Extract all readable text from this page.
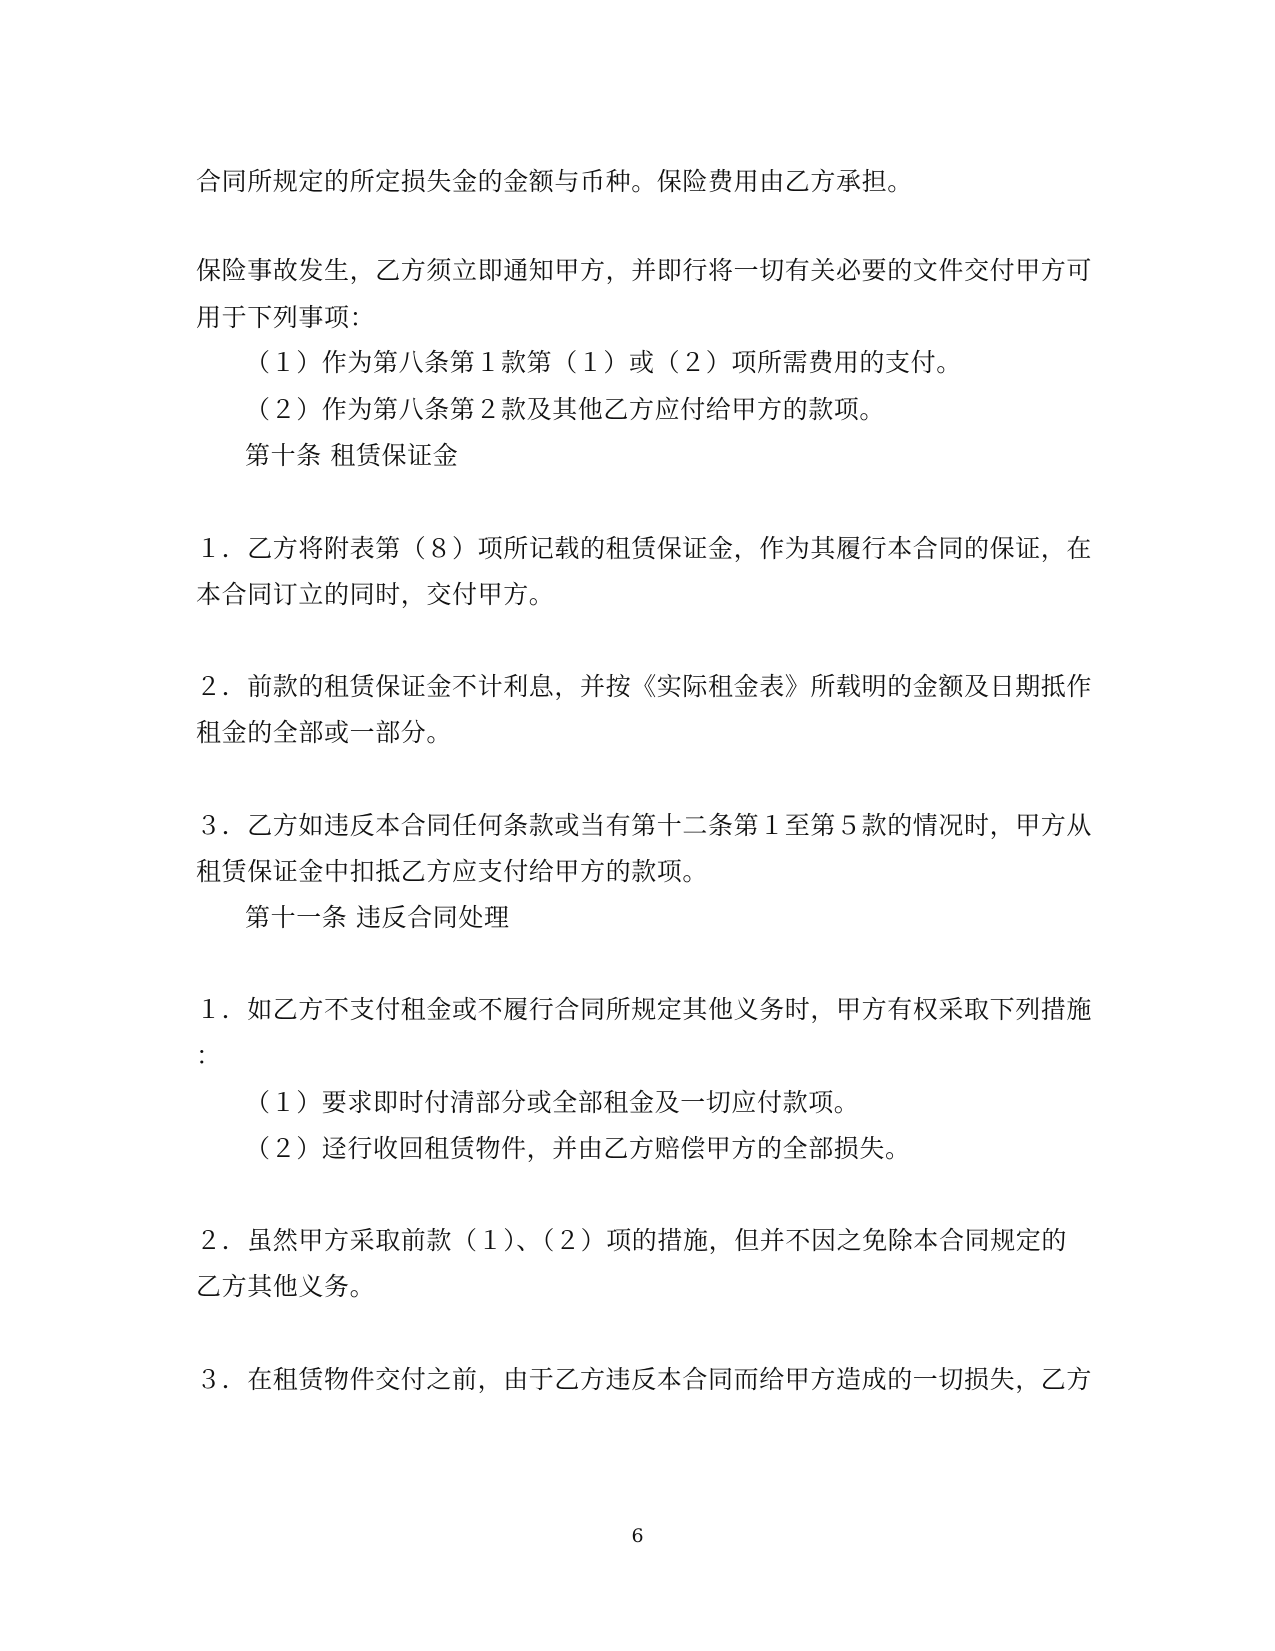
合同所规定的所定损失金的金额与币种。保险费用由乙方承担。
保险事故发生，乙方须立即通知甲方，并即行将一切有关必要的文件交付甲方可
用于下列事项：
（１）作为第八条第１款第（１）或（２）项所需费用的支付。
（２）作为第八条第２款及其他乙方应付给甲方的款项。
第十条 租赁保证金
１．乙方将附表第（８）项所记载的租赁保证金，作为其履行本合同的保证，在
本合同订立的同时，交付甲方。
２．前款的租赁保证金不计利息，并按《实际租金表》所载明的金额及日期抵作
租金的全部或一部分。
３．乙方如违反本合同任何条款或当有第十二条第１至第５款的情况时，甲方从
租赁保证金中扣抵乙方应支付给甲方的款项。
第十一条 违反合同处理
１．如乙方不支付租金或不履行合同所规定其他义务时，甲方有权采取下列措施
：
（１）要求即时付清部分或全部租金及一切应付款项。
（２）迳行收回租赁物件，并由乙方赔偿甲方的全部损失。
２．虽然甲方采取前款（１）、（２）项的措施，但并不因之免除本合同规定的
乙方其他义务。
３．在租赁物件交付之前，由于乙方违反本合同而给甲方造成的一切损失，乙方
6
